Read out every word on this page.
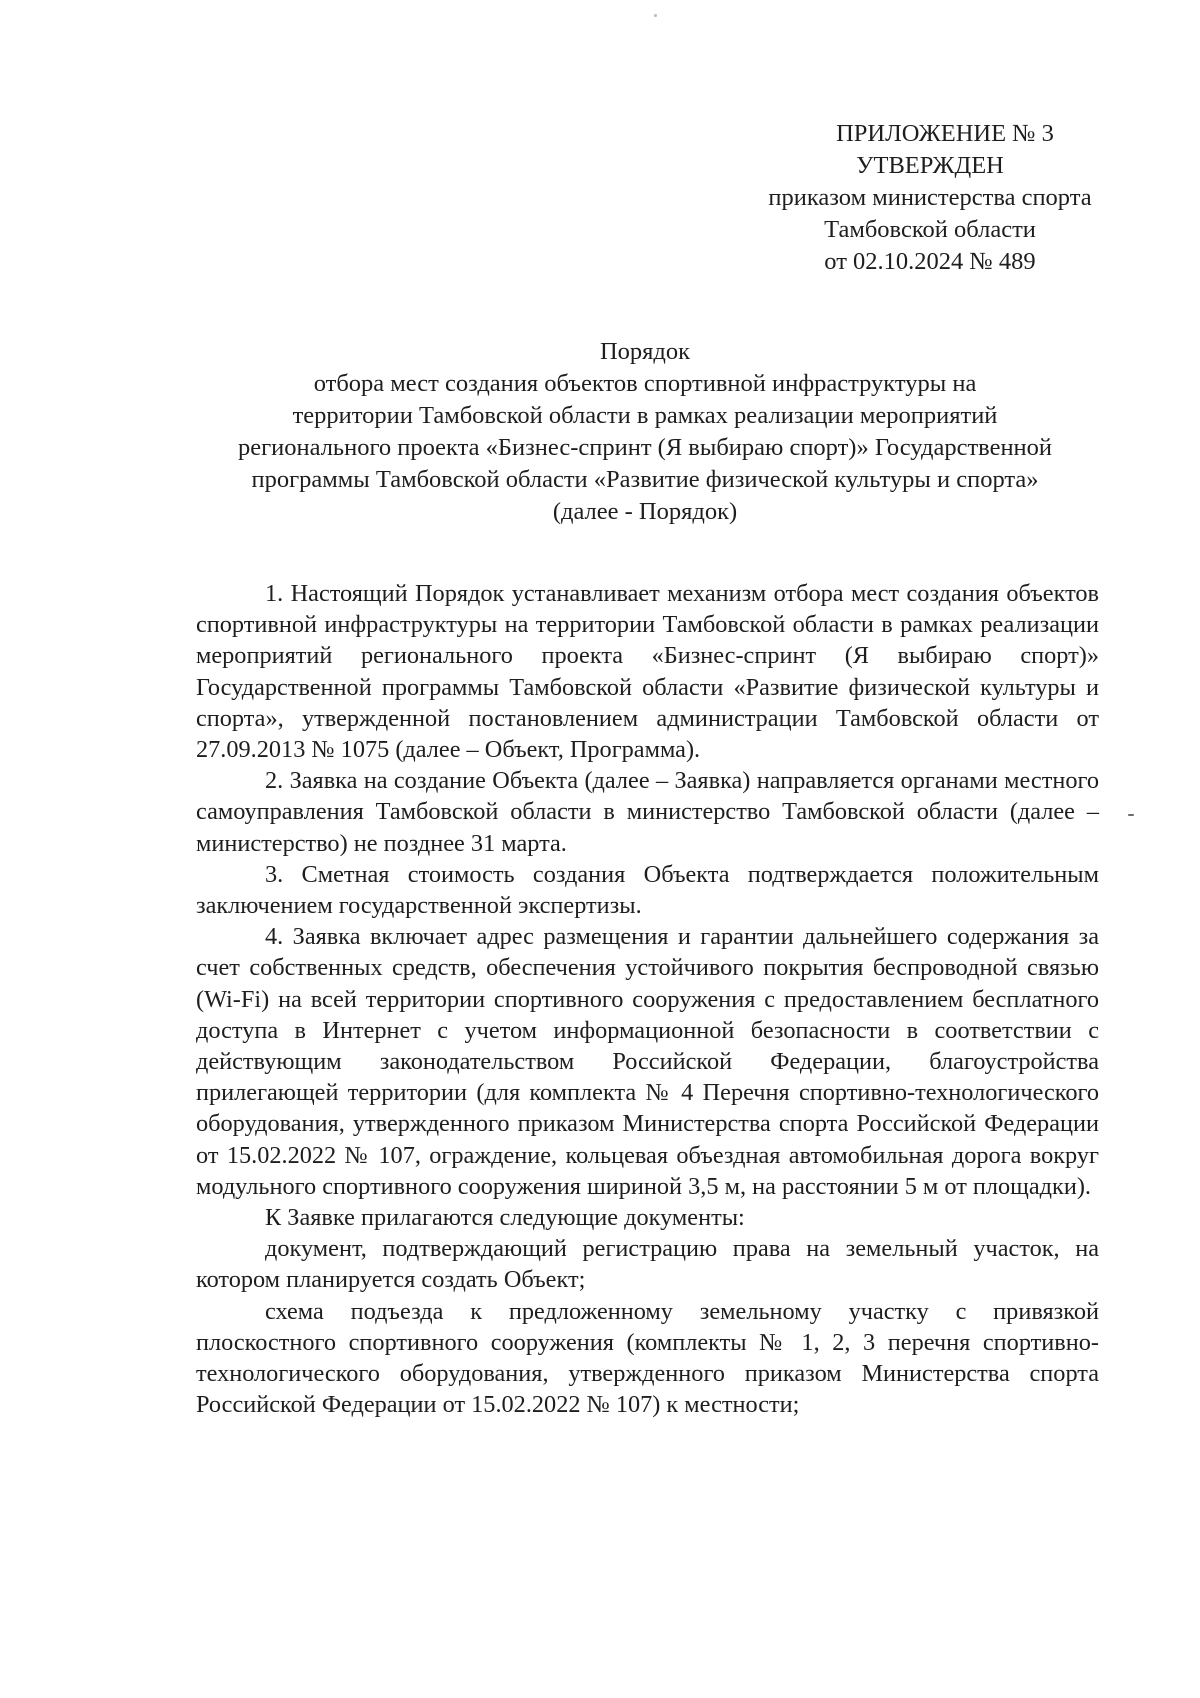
ПРИЛОЖЕНИЕ № 3
УТВЕРЖДЕН
приказом министерства спорта
Тамбовской области
от 02.10.2024 № 489
Порядок
отбора мест создания объектов спортивной инфраструктуры на
территории Тамбовской области в рамках реализации мероприятий
регионального проекта «Бизнес-спринт (Я выбираю спорт)» Государственной
программы Тамбовской области «Развитие физической культуры и спорта»
(далее - Порядок)

1. Настоящий Порядок устанавливает механизм отбора мест создания объектов спортивной инфраструктуры на территории Тамбовской области в рамках реализации мероприятий регионального проекта «Бизнес-спринт (Я выбираю спорт)» Государственной программы Тамбовской области «Развитие физической культуры и спорта», утвержденной постановлением администрации Тамбовской области от 27.09.2013 № 1075 (далее – Объект, Программа).

2. Заявка на создание Объекта (далее – Заявка) направляется органами местного самоуправления Тамбовской области в министерство Тамбовской области (далее – министерство) не позднее 31 марта.

3. Сметная стоимость создания Объекта подтверждается положительным заключением государственной экспертизы.

4. Заявка включает адрес размещения и гарантии дальнейшего содержания за счет собственных средств, обеспечения устойчивого покрытия беспроводной связью (Wi-Fi) на всей территории спортивного сооружения с предоставлением бесплатного доступа в Интернет с учетом информационной безопасности в соответствии с действующим законодательством Российской Федерации, благоустройства прилегающей территории (для комплекта № 4 Перечня спортивно-технологического оборудования, утвержденного приказом Министерства спорта Российской Федерации от 15.02.2022 № 107, ограждение, кольцевая объездная автомобильная дорога вокруг модульного спортивного сооружения шириной 3,5 м, на расстоянии 5 м от площадки).

К Заявке прилагаются следующие документы:

документ, подтверждающий регистрацию права на земельный участок, на котором планируется создать Объект;

схема подъезда к предложенному земельному участку с привязкой плоскостного спортивного сооружения (комплекты № 1, 2, 3 перечня спортивно-технологического оборудования, утвержденного приказом Министерства спорта Российской Федерации от 15.02.2022 № 107) к местности;
